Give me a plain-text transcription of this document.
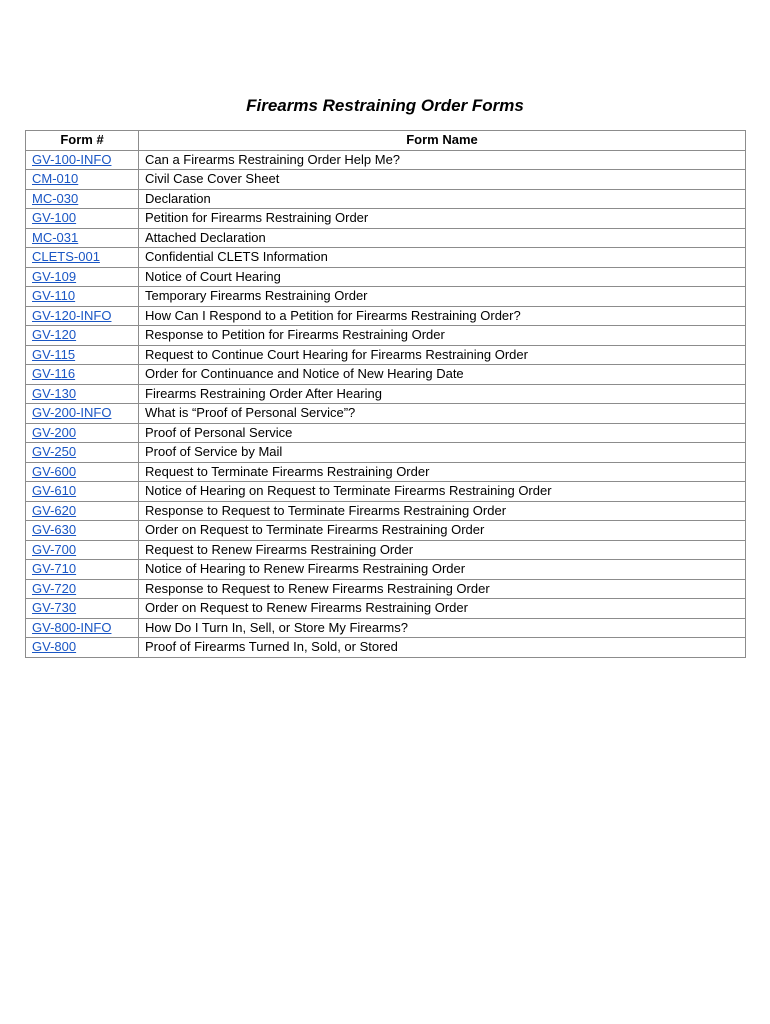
Firearms Restraining Order Forms
Form #	Form Name
GV-100-INFO	Can a Firearms Restraining Order Help Me?
CM-010	Civil Case Cover Sheet
MC-030	Declaration
GV-100	Petition for Firearms Restraining Order
MC-031	Attached Declaration
CLETS-001	Confidential CLETS Information
GV-109	Notice of Court Hearing
GV-110	Temporary Firearms Restraining Order
GV-120-INFO	How Can I Respond to a Petition for Firearms Restraining Order?
GV-120	Response to Petition for Firearms Restraining Order
GV-115	Request to Continue Court Hearing for Firearms Restraining Order
GV-116	Order for Continuance and Notice of New Hearing Date
GV-130	Firearms Restraining Order After Hearing
GV-200-INFO	What is “Proof of Personal Service”?
GV-200	Proof of Personal Service
GV-250	Proof of Service by Mail
GV-600	Request to Terminate Firearms Restraining Order
GV-610	Notice of Hearing on Request to Terminate Firearms Restraining Order
GV-620	Response to Request to Terminate Firearms Restraining Order
GV-630	Order on Request to Terminate Firearms Restraining Order
GV-700	Request to Renew Firearms Restraining Order
GV-710	Notice of Hearing to Renew Firearms Restraining Order
GV-720	Response to Request to Renew Firearms Restraining Order
GV-730	Order on Request to Renew Firearms Restraining Order
GV-800-INFO	How Do I Turn In, Sell, or Store My Firearms?
GV-800	Proof of Firearms Turned In, Sold, or Stored
